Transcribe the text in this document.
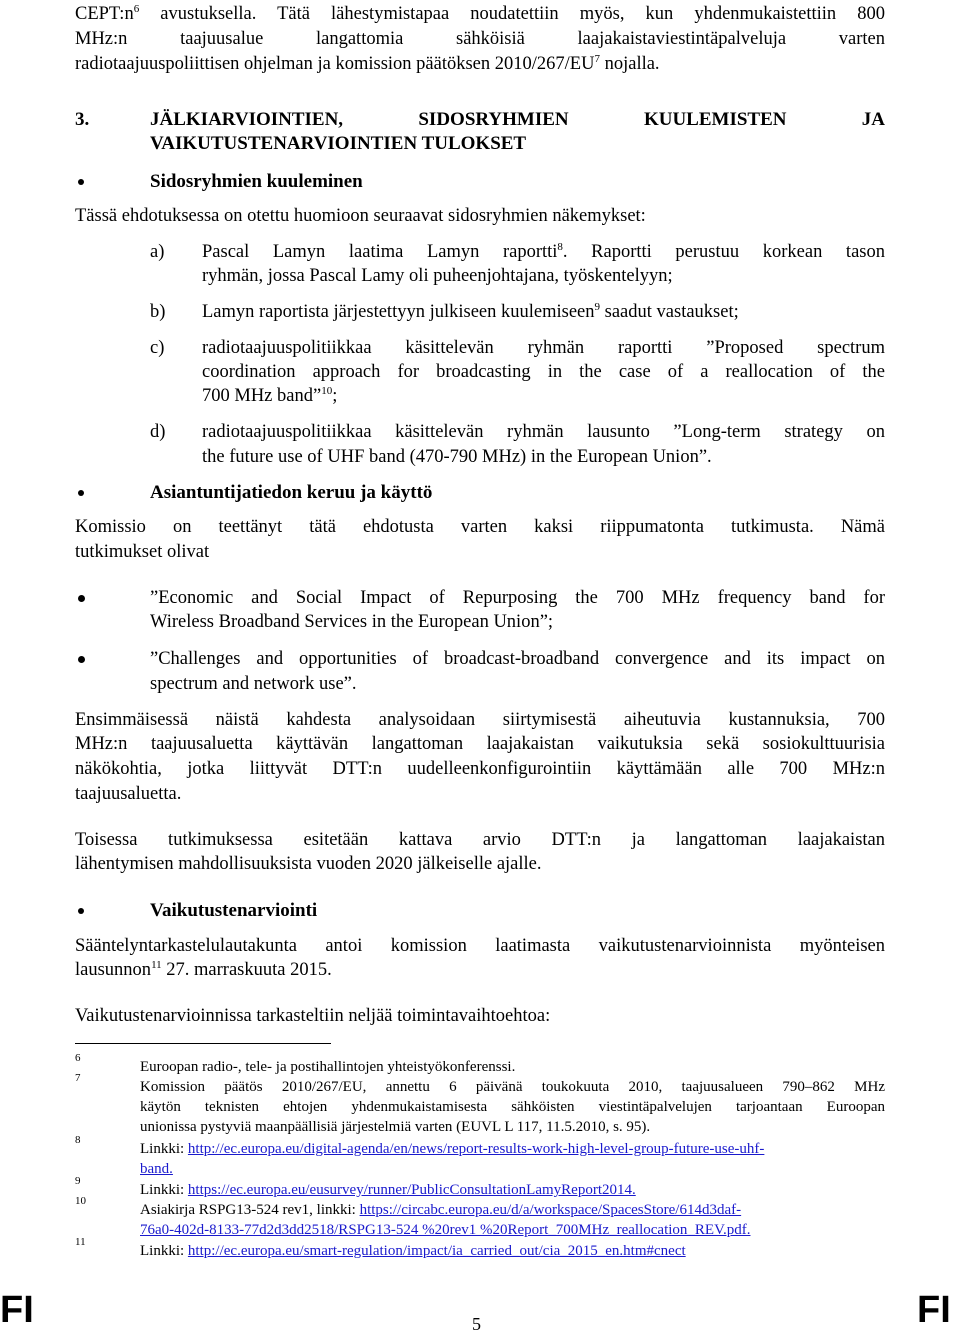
$CEPT:n^6$ avustuksella. Tätä lähestymistapaa noudatettiin myös, kun yhdenmukaistettiin 800
MHz:n taajuusalue langattomia sähköisiä laajakaistaviestintäpalveluja varten
radiotaajuuspoliittisen ohjelman ja komission päätöksen $2010/267/EU^7$ nojalla.
3.	JÄLKIARVIOINTIEN, SIDOSRYHMIEN KUULEMISTEN JA
VAIKUTUSTENARVIOINTIEN TULOKSET
Sidosryhmien kuuleminen
Tässä ehdotuksessa on otettu huomioon seuraavat sidosryhmien näkemykset:
a) Pascal Lamyn laatima Lamyn raportti$^8$. Raportti perustuu korkean tason
ryhmän, jossa Pascal Lamy oli puheenjohtajana, työskentelyyn;
b) Lamyn raportista järjestettyyn julkiseen kuulemiseen$^9$ saadut vastaukset;
c) radiotaajuuspolitiikkaa käsittelevän ryhmän raportti ”Proposed spectrum
coordination approach for broadcasting in the case of a reallocation of the
700 MHz band”$^{10}$;
d) radiotaajuuspolitiikkaa käsittelevän ryhmän lausunto ”Long-term strategy on
the future use of UHF band (470-790 MHz) in the European Union”.
Asiantuntijatiedon keruu ja käyttö
Komissio on teettänyt tätä ehdotusta varten kaksi riippumatonta tutkimusta. Nämä
tutkimukset olivat
”Economic and Social Impact of Repurposing the 700 MHz frequency band for
Wireless Broadband Services in the European Union”;
”Challenges and opportunities of broadcast-broadband convergence and its impact on
spectrum and network use”.
Ensimmäisessä näistä kahdesta analysoidaan siirtymisestä aiheutuvia kustannuksia, 700
MHz:n taajuusaluetta käyttävän langattoman laajakaistan vaikutuksia sekä sosiokulttuurisia
näkökohtia, jotka liittyvät DTT:n uudelleenkonfigurointiin käyttämään alle 700 MHz:n
taajuusaluetta.
Toisessa tutkimuksessa esitetään kattava arvio DTT:n ja langattoman laajakaistan
lähentymisen mahdollisuuksista vuoden 2020 jälkeiselle ajalle.
Vaikutustenarviointi
Sääntelyntarkastelulautakunta antoi komission laatimasta vaikutustenarvioinnista myönteisen
lausunnon$^{11}$ 27. marraskuuta 2015.
Vaikutustenarvioinnissa tarkasteltiin neljää toimintavaihtoehtoa:
6
Euroopan radio-, tele- ja postihallintojen yhteistyökonferenssi.
7
Komission päätös 2010/267/EU, annettu 6 päivänä toukokuuta 2010, taajuusalueen 790–862 MHz
käytön teknisten ehtojen yhdenmukaistamisesta sähköisten viestintäpalvelujen tarjoantaan Euroopan
unionissa pystyviä maanpäällisiä järjestelmiä varten (EUVL L 117, 11.5.2010, s. 95).
8
Linkki: http://ec.europa.eu/digital-agenda/en/news/report-results-work-high-level-group-future-use-uhf-
band.
9
Linkki: https://ec.europa.eu/eusurvey/runner/PublicConsultationLamyReport2014.
10
Asiakirja RSPG13-524 rev1, linkki: https://circabc.europa.eu/d/a/workspace/SpacesStore/614d3daf-
76a0-402d-8133-77d2d3dd2518/RSPG13-524 %20rev1 %20Report_700MHz_reallocation_REV.pdf.
11
Linkki: http://ec.europa.eu/smart-regulation/impact/ia_carried_out/cia_2015_en.htm#cnect
FI	5	FI
